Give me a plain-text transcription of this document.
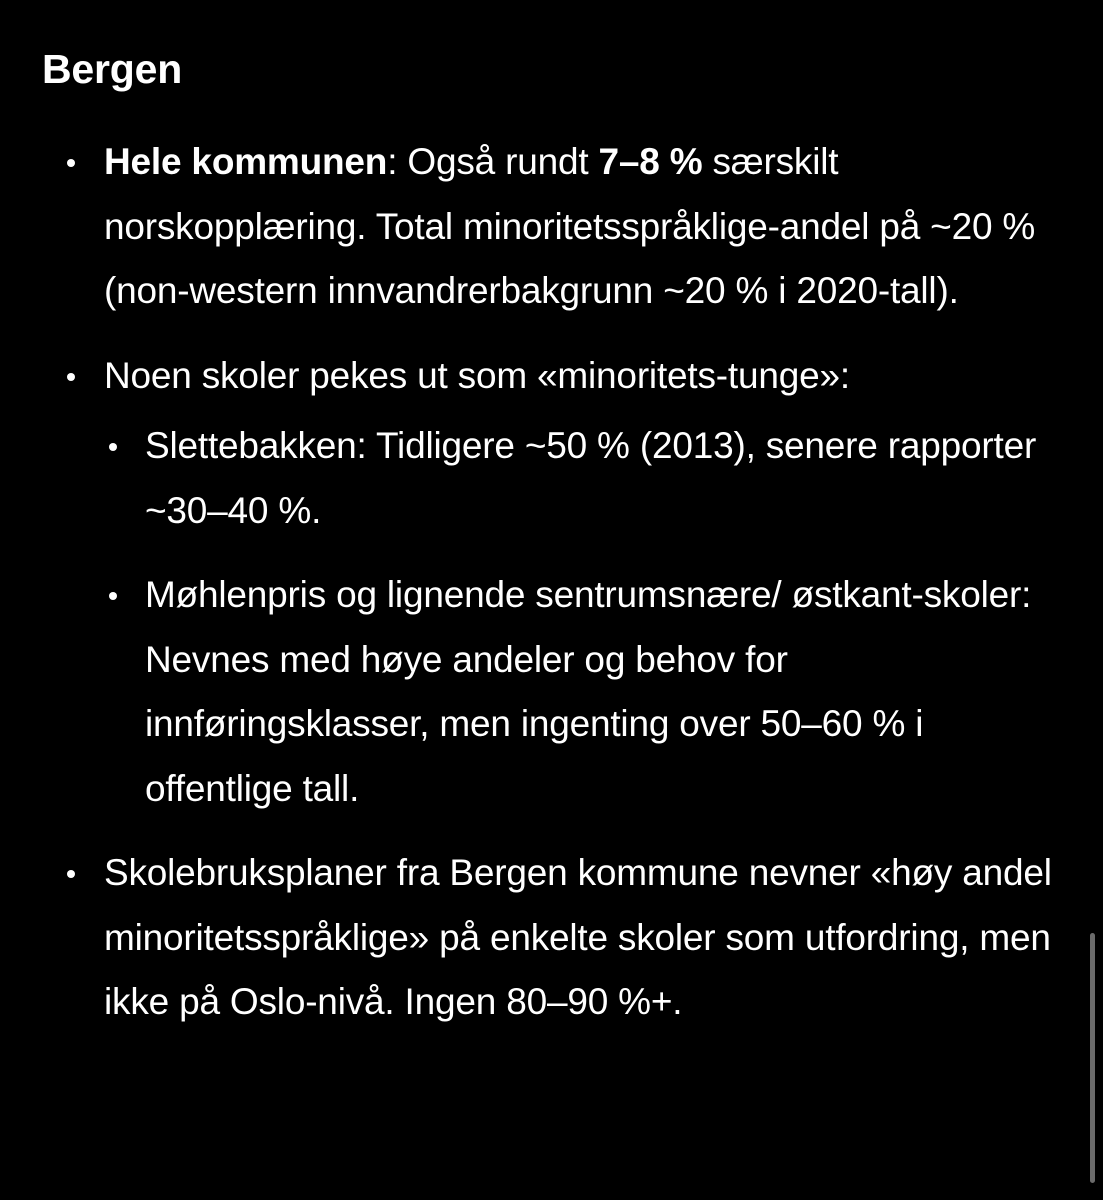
Bergen
Hele kommunen: Også rundt 7–8 % særskilt norskopplæring. Total minoritetsspråklige-andel på ~20 % (non-western innvandrerbakgrunn ~20 % i 2020-tall).
Noen skoler pekes ut som «minoritets-tunge»:
Slettebakken: Tidligere ~50 % (2013), senere rapporter ~30–40 %.
Møhlenpris og lignende sentrumsnære/ østkant-skoler: Nevnes med høye andeler og behov for innføringsklasser, men ingenting over 50–60 % i offentlige tall.
Skolebruksplaner fra Bergen kommune nevner «høy andel minoritetsspråklige» på enkelte skoler som utfordring, men ikke på Oslo-nivå. Ingen 80–90 %+.
